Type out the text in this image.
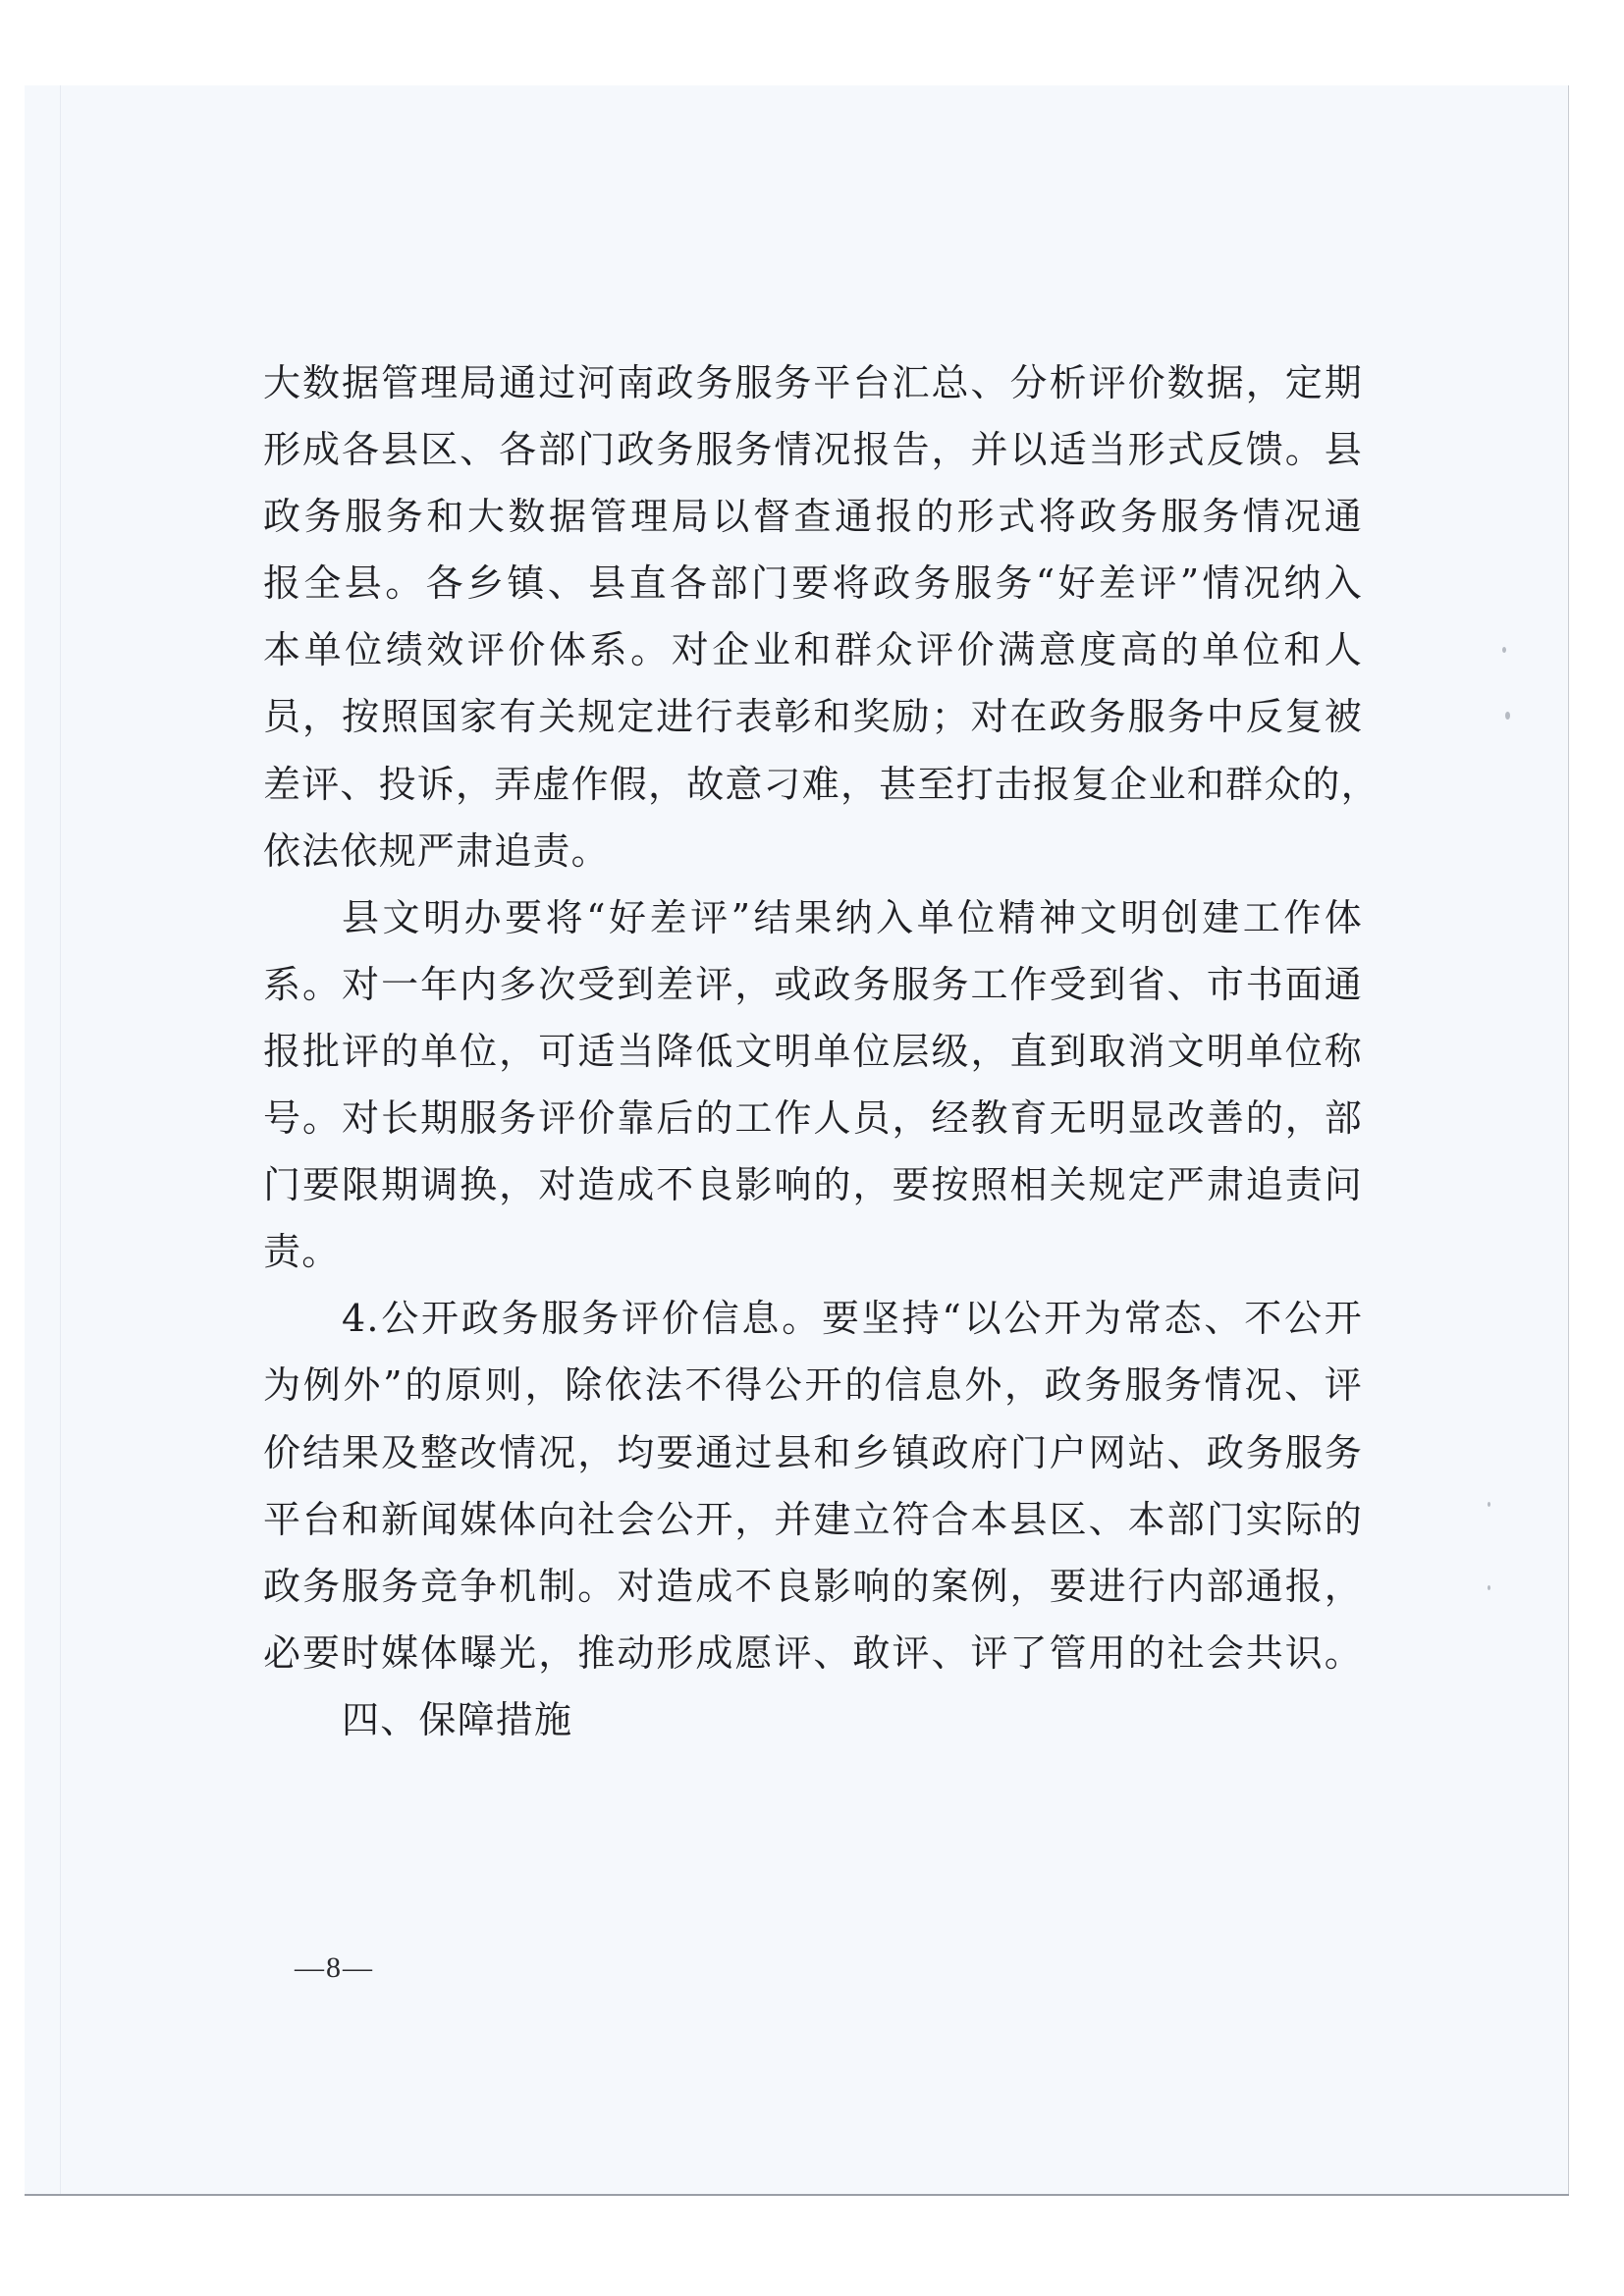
大数据管理局通过河南政务服务平台汇总、分析评价数据，定期
形成各县区、各部门政务服务情况报告，并以适当形式反馈。县
政务服务和大数据管理局以督查通报的形式将政务服务情况通
报全县。各乡镇、县直各部门要将政务服务“好差评”情况纳入
本单位绩效评价体系。对企业和群众评价满意度高的单位和人
员，按照国家有关规定进行表彰和奖励；对在政务服务中反复被
差评、投诉，弄虚作假，故意刁难，甚至打击报复企业和群众的，
依法依规严肃追责。
县文明办要将“好差评”结果纳入单位精神文明创建工作体
系。对一年内多次受到差评，或政务服务工作受到省、市书面通
报批评的单位，可适当降低文明单位层级，直到取消文明单位称
号。对长期服务评价靠后的工作人员，经教育无明显改善的，部
门要限期调换，对造成不良影响的，要按照相关规定严肃追责问
责。
4.公开政务服务评价信息。要坚持“以公开为常态、不公开
为例外”的原则，除依法不得公开的信息外，政务服务情况、评
价结果及整改情况，均要通过县和乡镇政府门户网站、政务服务
平台和新闻媒体向社会公开，并建立符合本县区、本部门实际的
政务服务竞争机制。对造成不良影响的案例，要进行内部通报，
必要时媒体曝光，推动形成愿评、敢评、评了管用的社会共识。
四、保障措施
—8—
